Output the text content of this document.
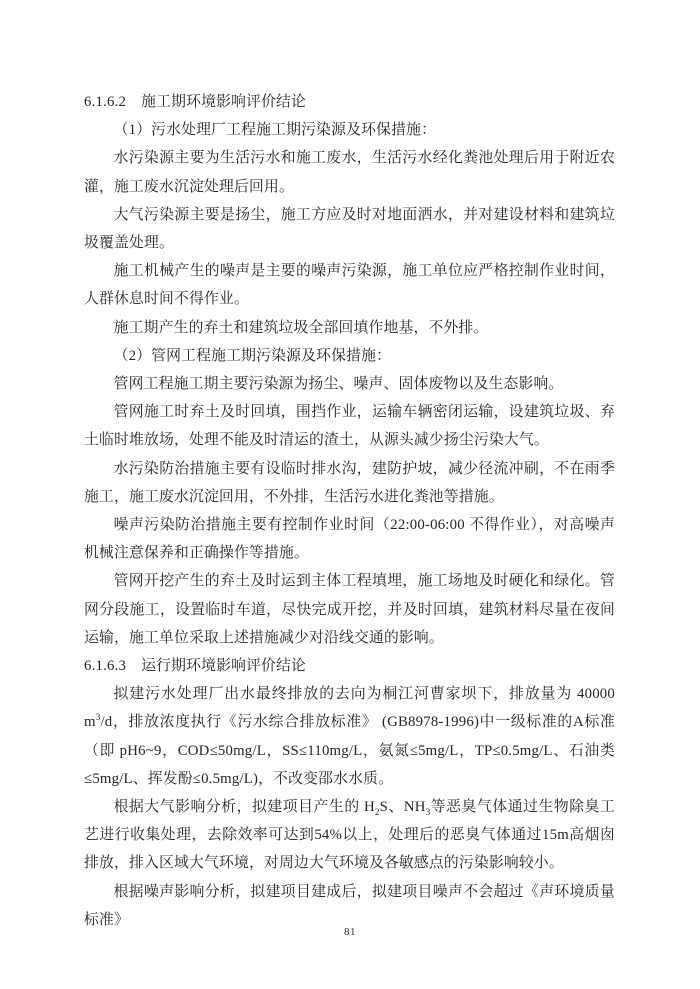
6.1.6.2　施工期环境影响评价结论

（1）污水处理厂工程施工期污染源及环保措施：

水污染源主要为生活污水和施工废水，生活污水经化粪池处理后用于附近农灌，施工废水沉淀处理后回用。

大气污染源主要是扬尘，施工方应及时对地面洒水，并对建设材料和建筑垃圾覆盖处理。

施工机械产生的噪声是主要的噪声污染源，施工单位应严格控制作业时间，人群休息时间不得作业。

施工期产生的弃土和建筑垃圾全部回填作地基，不外排。

（2）管网工程施工期污染源及环保措施：

管网工程施工期主要污染源为扬尘、噪声、固体废物以及生态影响。

管网施工时弃土及时回填，围挡作业，运输车辆密闭运输，设建筑垃圾、弃土临时堆放场，处理不能及时清运的渣土，从源头减少扬尘污染大气。

水污染防治措施主要有设临时排水沟，建防护坡，减少径流冲刷，不在雨季施工，施工废水沉淀回用，不外排，生活污水进化粪池等措施。

噪声污染防治措施主要有控制作业时间（22:00-06:00 不得作业），对高噪声机械注意保养和正确操作等措施。

管网开挖产生的弃土及时运到主体工程填埋，施工场地及时硬化和绿化。管网分段施工，设置临时车道，尽快完成开挖，并及时回填，建筑材料尽量在夜间运输，施工单位采取上述措施减少对沿线交通的影响。

6.1.6.3　运行期环境影响评价结论

拟建污水处理厂出水最终排放的去向为桐江河曹家坝下，排放量为 40000 $m^3/d$，排放浓度执行《污水综合排放标准》 (GB8978-1996)中一级标准的A标准（即 pH6~9，COD≤50mg/L，SS≤110mg/L，氨氮≤5mg/L，TP≤0.5mg/L、石油类≤5mg/L、挥发酚≤0.5mg/L)，不改变邵水水质。

根据大气影响分析，拟建项目产生的 $H_2S$、$NH_3$等恶臭气体通过生物除臭工艺进行收集处理，去除效率可达到54%以上，处理后的恶臭气体通过15m高烟囱排放，排入区域大气环境，对周边大气环境及各敏感点的污染影响较小。

根据噪声影响分析，拟建项目建成后，拟建项目噪声不会超过《声环境质量标准》

81
